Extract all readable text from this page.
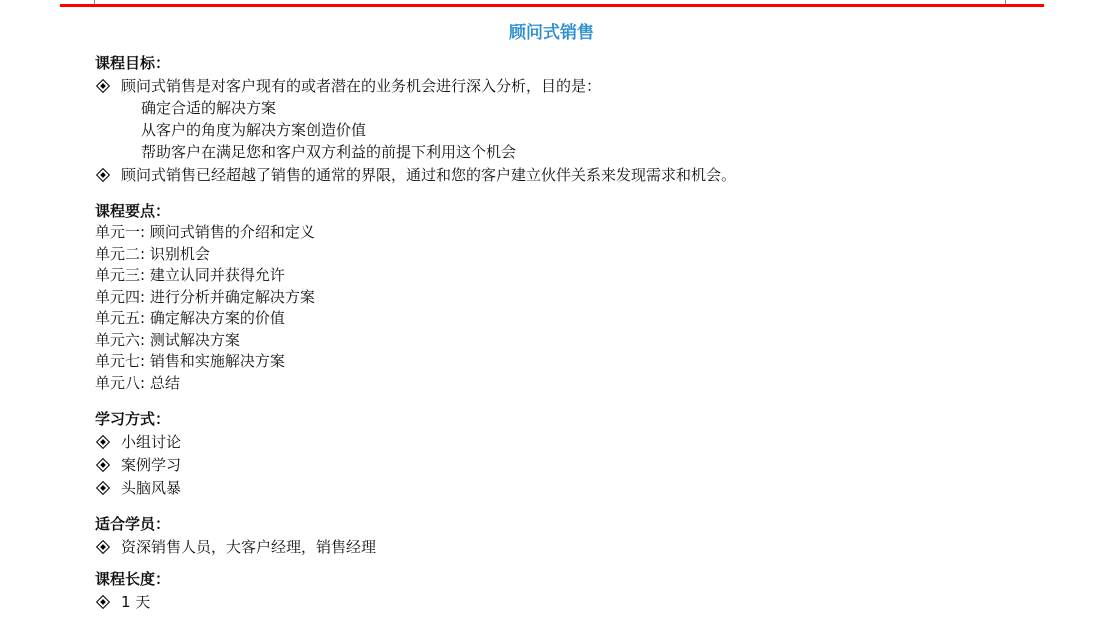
顾问式销售
课程目标：
顾问式销售是对客户现有的或者潜在的业务机会进行深入分析，目的是：
确定合适的解决方案
从客户的角度为解决方案创造价值
帮助客户在满足您和客户双方利益的前提下利用这个机会
顾问式销售已经超越了销售的通常的界限，通过和您的客户建立伙伴关系来发现需求和机会。
课程要点：
单元一: 顾问式销售的介绍和定义
单元二: 识别机会
单元三: 建立认同并获得允许
单元四: 进行分析并确定解决方案
单元五: 确定解决方案的价值
单元六: 测试解决方案
单元七: 销售和实施解决方案
单元八: 总结
学习方式：
小组讨论
案例学习
头脑风暴
适合学员：
资深销售人员，大客户经理，销售经理
课程长度：
1 天
